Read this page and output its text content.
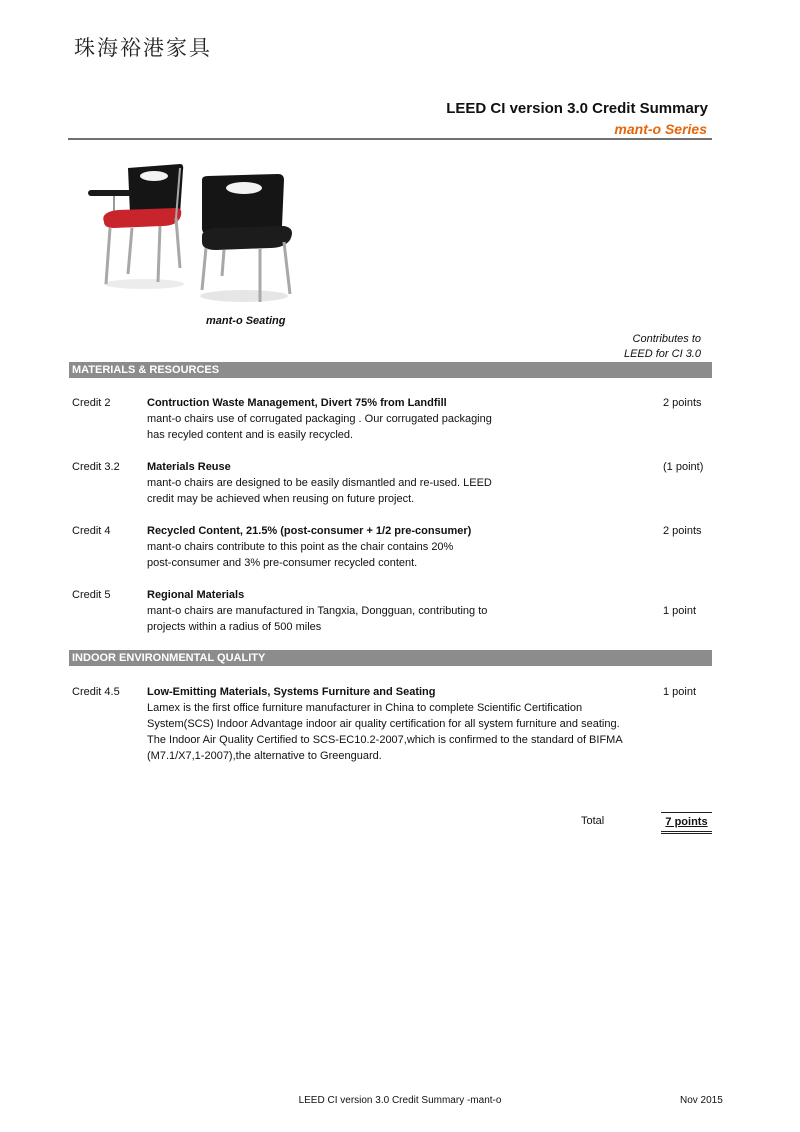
珠海裕港家具
LEED CI version 3.0 Credit Summary
mant-o Series
mant-o Seating
Contributes to
LEED for CI 3.0
MATERIALS & RESOURCES
Credit 2	Contruction Waste Management, Divert 75% from Landfill
mant-o chairs use of corrugated packaging . Our corrugated packaging
has recyled content and is easily recycled.
2 points
Credit 3.2 Materials Reuse
mant-o chairs are designed to be easily dismantled and re-used. LEED
credit may be achieved when reusing on future project.
(1 point)
Credit 4	Recycled Content, 21.5% (post-consumer + 1/2 pre-consumer)
mant-o chairs contribute to this point as the chair contains 20%
post-consumer and 3% pre-consumer recycled content.
2 points
Credit 5	Regional Materials
mant-o chairs are manufactured in Tangxia, Dongguan, contributing to
projects within a radius of 500 miles
1 point
INDOOR ENVIRONMENTAL QUALITY
Credit 4.5 Low-Emitting Materials, Systems Furniture and Seating
Lamex is the first office furniture manufacturer in China to complete Scientific Certification
System(SCS) Indoor Advantage indoor air quality certification for all system furniture and seating.
The Indoor Air Quality Certified to SCS-EC10.2-2007,which is confirmed to the standard of BIFMA
(M7.1/X7,1-2007),the alternative to Greenguard.
1 point
Total	7 points
LEED CI version 3.0 Credit Summary -mant-o	Nov 2015
